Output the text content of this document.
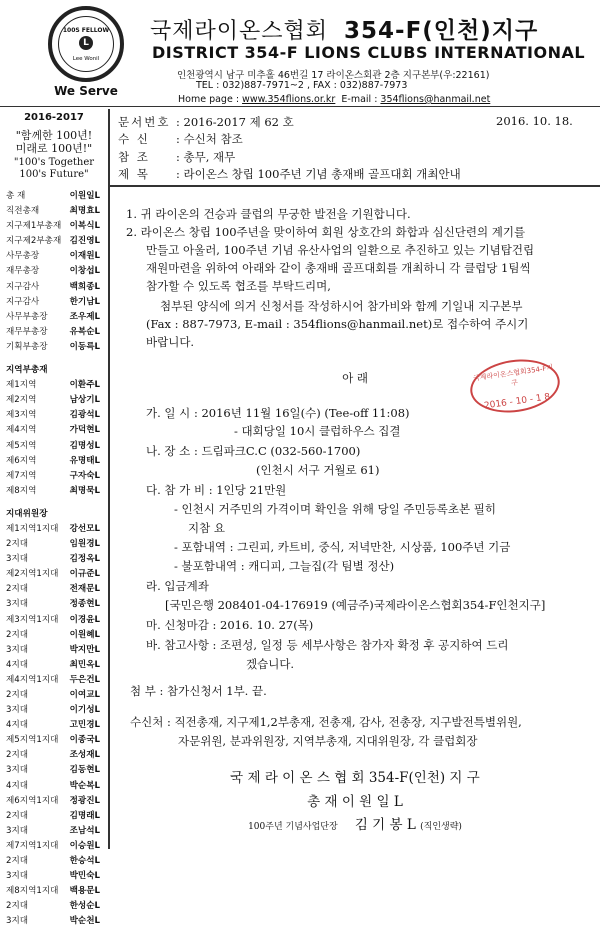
100S FELLOW
L
Lee Wonil
We Serve
국제라이온스협회 354-F(인천)지구
DISTRICT 354-F LIONS CLUBS INTERNATIONAL
인천광역시 남구 미추홀 46번길 17 라이온스회관 2층 지구본부(우:22161)
TEL : 032)887-7971~2 , FAX : 032)887-7973
Home page : www.354flions.or.kr E-mail : 354flions@hanmail.net
2016-2017
"함께한 100년!
미래로 100년!"
"100's Together
100's Future"
총 재	이원일L
직전총재	최명효L
지구제1부총재 이복식L
지구제2부총재 김진영L
사무총장	이재원L
재무총장	이창섭L
지구감사	백희종L
지구감사	한기남L
사무부총장	조우제L
재무부총장	유복순L
기획부총장	이동륵L
지역부총재
제1지역	이환주L
제2지역	남상기L
제3지역	김광석L
제4지역	가덕현L
제5지역	김명성L
제6지역	유명태L
제7지역	구자숙L
제8지역	최명묵L
지대위원장
제1지역1지대 강선모L
2지대	임원경L
3지대	김정옥L
제2지역1지대 이규준L
2지대	전재문L
3지대	정종현L
제3지역1지대 이경윤L
2지대	이원혜L
3지대	박지만L
4지대	최민옥L
제4지역1지대 두은건L
2지대	이여교L
3지대	이기성L
4지대	고민경L
제5지역1지대 이종국L
2지대	조성재L
3지대	김동현L
4지대	박순복L
제6지역1지대 정광진L
2지대	김명래L
3지대	조남석L
제7지역1지대 이승원L
2지대	한승석L
3지대	박민숙L
제8지역1지대 백용문L
2지대	한성순L
3지대	박순천L
문서번호 : 2016-2017 제 62 호	2016. 10. 18.
수 신 : 수신처 참조
참 조 : 총무, 재무
제 목 : 라이온스 창립 100주년 기념 총재배 골프대회 개최안내
1. 귀 라이온의 건승과 클럽의 무궁한 발전을 기원합니다.
2. 라이온스 창립 100주년을 맞이하여 회원 상호간의 화합과 심신단련의 계기를
만들고 아울러, 100주년 기념 유산사업의 일환으로 추진하고 있는 기념탑건립
재원마련을 위하여 아래와 같이 총재배 골프대회를 개최하니 각 클럽당 1팀씩
참가할 수 있도록 협조를 부탁드리며,
첨부된 양식에 의거 신청서를 작성하시어 참가비와 함께 기일내 지구본부
(Fax : 887-7973, E-mail : 354flions@hanmail.net)로 접수하여 주시기
바랍니다.
아 래	국제라이온스협회354-F지구
2016 - 10 - 1 8
가. 일 시 : 2016년 11월 16일(수) (Tee-off 11:08)
- 대회당일 10시 클럽하우스 집결
나. 장 소 : 드림파크C.C (032-560-1700)
(인천시 서구 거월로 61)
다. 참 가 비 : 1인당 21만원
- 인천시 거주민의 가격이며 확인을 위해 당일 주민등록초본 필히
지참 요
- 포함내역 : 그린피, 카트비, 중식, 저녁만찬, 시상품, 100주년 기금
- 불포함내역 : 캐디피, 그늘집(각 팀별 정산)
라. 입금계좌
[국민은행 208401-04-176919 (예금주)국제라이온스협회354-F인천지구]
마. 신청마감 : 2016. 10. 27(목)
바. 참고사항 : 조편성, 일정 등 세부사항은 참가자 확정 후 공지하여 드리
겠습니다.
첨 부 : 참가신청서 1부. 끝.
수신처 : 직전총재, 지구제1,2부총재, 전총재, 감사, 전총장, 지구발전특별위원,
자문위원, 분과위원장, 지역부총재, 지대위원장, 각 클럽회장
국 제 라 이 온 스 협 회 354-F(인천) 지 구
총 재 이 원 일 L
100주년 기념사업단장 김 기 봉 L (직인생략)
